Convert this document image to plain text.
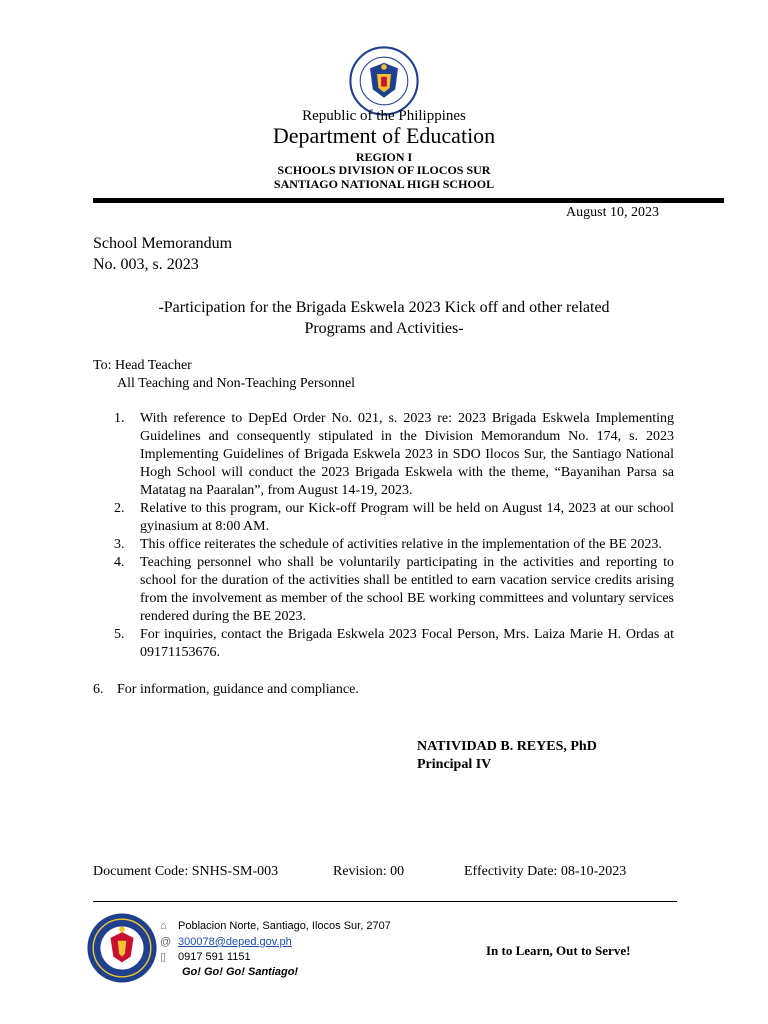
Republic of the Philippines
Department of Education
REGION I
SCHOOLS DIVISION OF ILOCOS SUR
SANTIAGO NATIONAL HIGH SCHOOL
August 10, 2023
School Memorandum
No. 003, s. 2023
-Participation for the Brigada Eskwela 2023 Kick off and other related
Programs and Activities-
To: Head Teacher
All Teaching and Non-Teaching Personnel
1. With reference to DepEd Order No. 021, s. 2023 re: 2023 Brigada Eskwela Implementing Guidelines and consequently stipulated in the Division Memorandum No. 174, s. 2023 Implementing Guidelines of Brigada Eskwela 2023 in SDO Ilocos Sur, the Santiago National Hogh School will conduct the 2023 Brigada Eskwela with the theme, “Bayanihan Parsa sa Matatag na Paaralan”, from August 14-19, 2023.
2. Relative to this program, our Kick-off Program will be held on August 14, 2023 at our school gyinasium at 8:00 AM.
3. This office reiterates the schedule of activities relative in the implementation of the BE 2023.
4. Teaching personnel who shall be voluntarily participating in the activities and reporting to school for the duration of the activities shall be entitled to earn vacation service credits arising from the involvement as member of the school BE working committees and voluntary services rendered during the BE 2023.
5. For inquiries, contact the Brigada Eskwela 2023 Focal Person, Mrs. Laiza Marie H. Ordas at 09171153676.
6. For information, guidance and compliance.
NATIVIDAD B. REYES, PhD
Principal IV
Document Code: SNHS-SM-003	Revision: 00	Effectivity Date: 08-10-2023
⌂ Poblacion Norte, Santiago, Ilocos Sur, 2707
@ 300078@deped.gov.ph
▯ 0917 591 1151
Go! Go! Go! Santiago!
In to Learn, Out to Serve!
